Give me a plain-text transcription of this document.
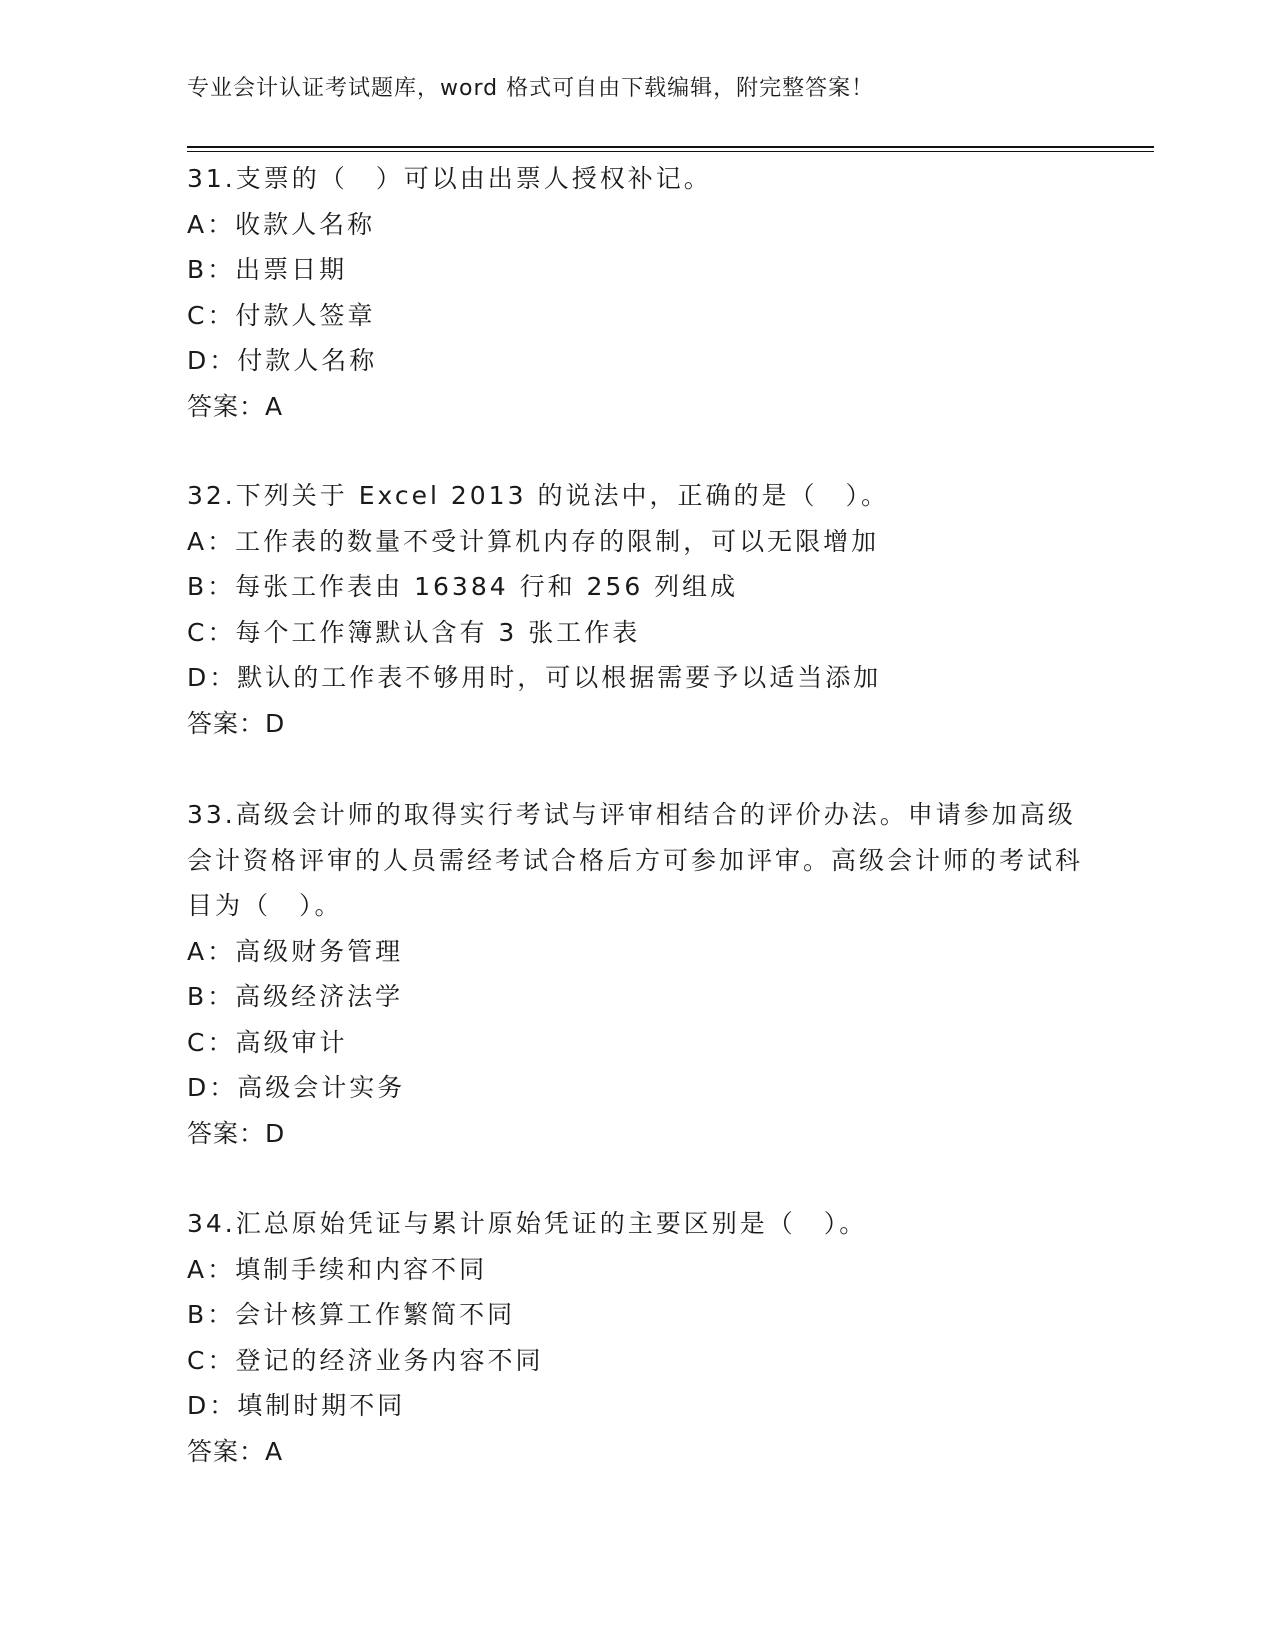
专业会计认证考试题库，word 格式可自由下载编辑，附完整答案！
31.支票的（　）可以由出票人授权补记。
A：收款人名称
B：出票日期
C：付款人签章
D：付款人名称
答案：A
32.下列关于 Excel 2013 的说法中，正确的是（　）。
A：工作表的数量不受计算机内存的限制，可以无限增加
B：每张工作表由 16384 行和 256 列组成
C：每个工作簿默认含有 3 张工作表
D：默认的工作表不够用时，可以根据需要予以适当添加
答案：D
33.高级会计师的取得实行考试与评审相结合的评价办法。申请参加高级会计资格评审的人员需经考试合格后方可参加评审。高级会计师的考试科目为（　）。
A：高级财务管理
B：高级经济法学
C：高级审计
D：高级会计实务
答案：D
34.汇总原始凭证与累计原始凭证的主要区别是（　）。
A：填制手续和内容不同
B：会计核算工作繁简不同
C：登记的经济业务内容不同
D：填制时期不同
答案：A
